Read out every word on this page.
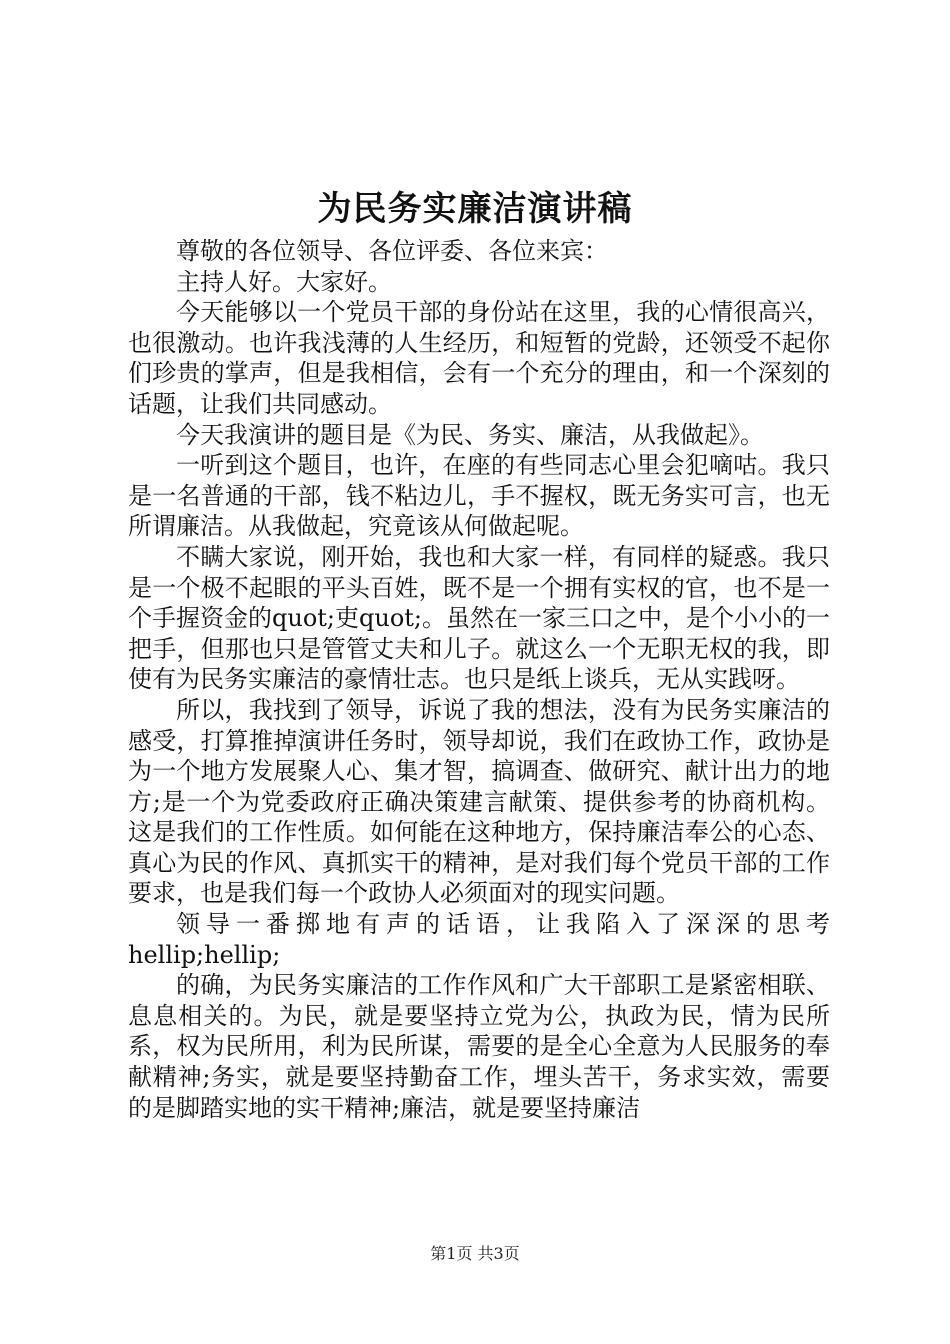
为民务实廉洁演讲稿

尊敬的各位领导、各位评委、各位来宾：

主持人好。大家好。

今天能够以一个党员干部的身份站在这里，我的心情很高兴，也很激动。也许我浅薄的人生经历，和短暂的党龄，还领受不起你们珍贵的掌声，但是我相信，会有一个充分的理由，和一个深刻的话题，让我们共同感动。

今天我演讲的题目是《为民、务实、廉洁，从我做起》。

一听到这个题目，也许，在座的有些同志心里会犯嘀咕。我只是一名普通的干部，钱不粘边儿，手不握权，既无务实可言，也无所谓廉洁。从我做起，究竟该从何做起呢。

不瞒大家说，刚开始，我也和大家一样，有同样的疑惑。我只是一个极不起眼的平头百姓，既不是一个拥有实权的官，也不是一个手握资金的quot;吏quot;。虽然在一家三口之中，是个小小的一把手，但那也只是管管丈夫和儿子。就这么一个无职无权的我，即使有为民务实廉洁的豪情壮志。也只是纸上谈兵，无从实践呀。

所以，我找到了领导，诉说了我的想法，没有为民务实廉洁的感受，打算推掉演讲任务时，领导却说，我们在政协工作，政协是为一个地方发展聚人心、集才智，搞调查、做研究、献计出力的地方;是一个为党委政府正确决策建言献策、提供参考的协商机构。这是我们的工作性质。如何能在这种地方，保持廉洁奉公的心态、真心为民的作风、真抓实干的精神，是对我们每个党员干部的工作要求，也是我们每一个政协人必须面对的现实问题。

领导一番掷地有声的话语，让我陷入了深深的思考hellip;hellip;

的确，为民务实廉洁的工作作风和广大干部职工是紧密相联、息息相关的。为民，就是要坚持立党为公，执政为民，情为民所系，权为民所用，利为民所谋，需要的是全心全意为人民服务的奉献精神;务实，就是要坚持勤奋工作，埋头苦干，务求实效，需要的是脚踏实地的实干精神;廉洁，就是要坚持廉洁

第1页 共3页
